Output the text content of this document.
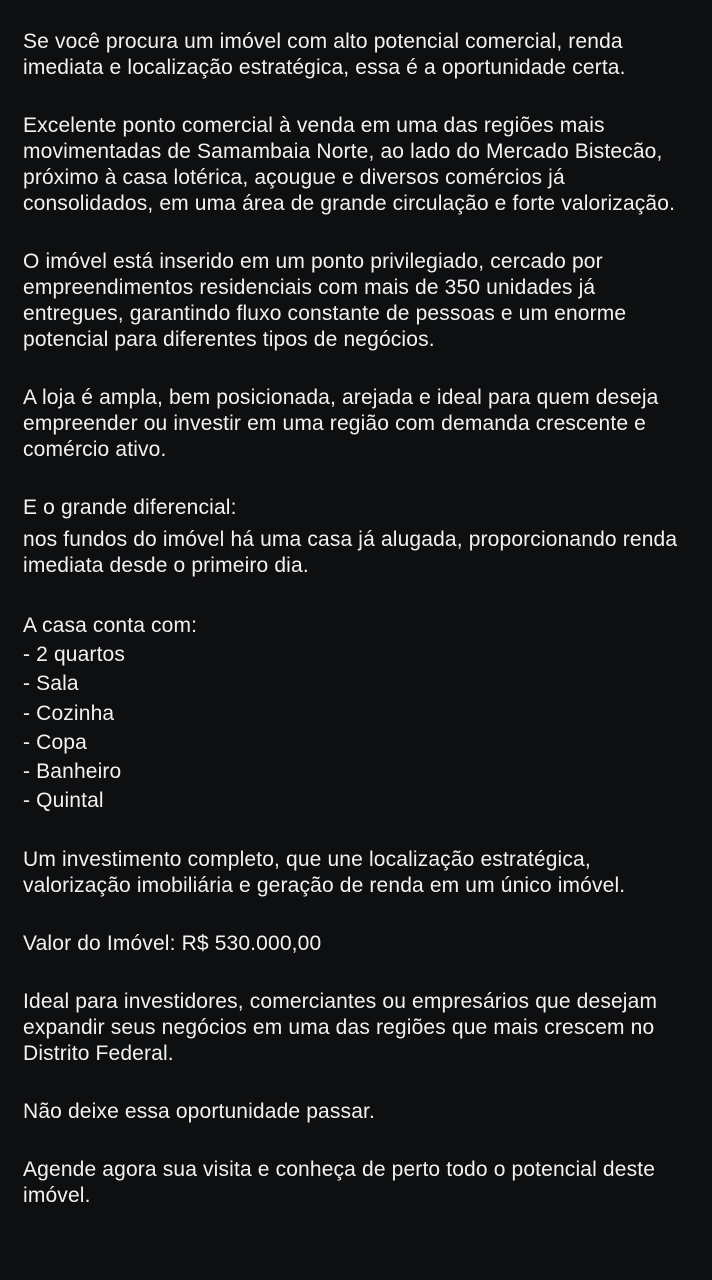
Se você procura um imóvel com alto potencial comercial, renda imediata e localização estratégica, essa é a oportunidade certa.

Excelente ponto comercial à venda em uma das regiões mais movimentadas de Samambaia Norte, ao lado do Mercado Bistecão, próximo à casa lotérica, açougue e diversos comércios já consolidados, em uma área de grande circulação e forte valorização.

O imóvel está inserido em um ponto privilegiado, cercado por empreendimentos residenciais com mais de 350 unidades já entregues, garantindo fluxo constante de pessoas e um enorme potencial para diferentes tipos de negócios.

A loja é ampla, bem posicionada, arejada e ideal para quem deseja empreender ou investir em uma região com demanda crescente e comércio ativo.

E o grande diferencial:

nos fundos do imóvel há uma casa já alugada, proporcionando renda imediata desde o primeiro dia.

A casa conta com:
- 2 quartos
- Sala
- Cozinha
- Copa
- Banheiro
- Quintal

Um investimento completo, que une localização estratégica, valorização imobiliária e geração de renda em um único imóvel.

Valor do Imóvel: R$ 530.000,00

Ideal para investidores, comerciantes ou empresários que desejam expandir seus negócios em uma das regiões que mais crescem no Distrito Federal.

Não deixe essa oportunidade passar.

Agende agora sua visita e conheça de perto todo o potencial deste imóvel.
